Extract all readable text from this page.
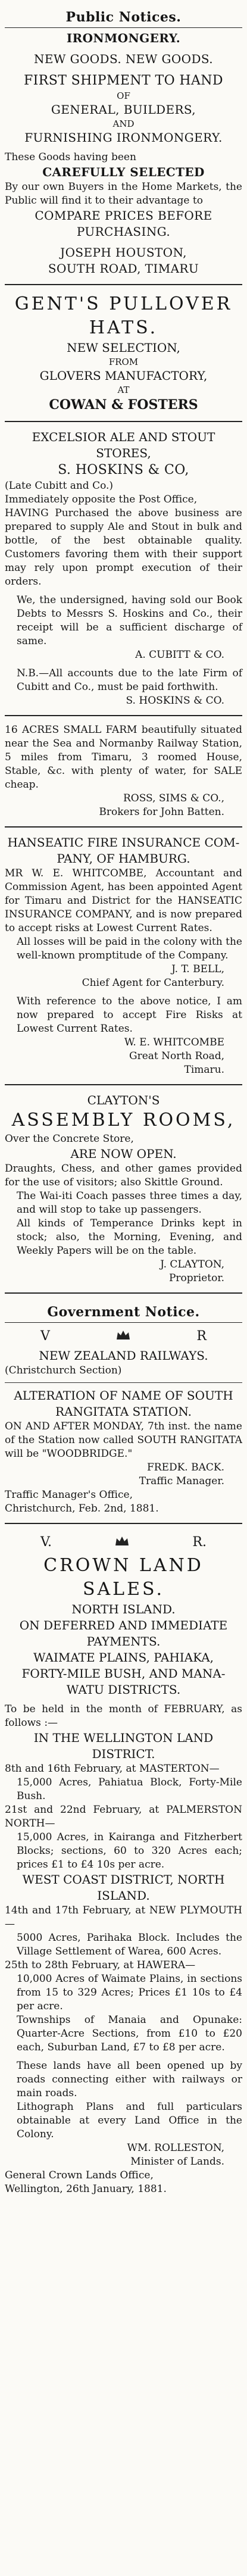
Public Notices.
IRONMONGERY.
NEW GOODS. NEW GOODS.
FIRST SHIPMENT TO HAND
OF
GENERAL, BUILDERS,
AND
FURNISHING IRONMONGERY.
These Goods having been
CAREFULLY SELECTED
By our own Buyers in the Home Markets, the Public will find it to their advantage to
COMPARE PRICES BEFORE PURCHASING.
JOSEPH HOUSTON,
SOUTH ROAD, TIMARU
GENT'S PULLOVER HATS.
NEW SELECTION,
FROM
GLOVERS MANUFACTORY,
AT
COWAN & FOSTERS
EXCELSIOR ALE AND STOUT
STORES,
S. HOSKINS & CO,
(Late Cubitt and Co.)
Immediately opposite the Post Office,
HAVING Purchased the above business are prepared to supply Ale and Stout in bulk and bottle, of the best obtainable quality. Customers favoring them with their support may rely upon prompt execution of their orders.
We, the undersigned, having sold our Book Debts to Messrs S. Hoskins and Co., their receipt will be a sufficient discharge of same.
A. CUBITT & CO.
N.B.—All accounts due to the late Firm of Cubitt and Co., must be paid forthwith.
S. HOSKINS & CO.
16 ACRES SMALL FARM beautifully situated near the Sea and Normanby Railway Station, 5 miles from Timaru, 3 roomed House, Stable, &c. with plenty of water, for SALE cheap.
ROSS, SIMS & CO.,
Brokers for John Batten.
HANSEATIC FIRE INSURANCE COM-
PANY, OF HAMBURG.
MR W. E. WHITCOMBE, Accountant and Commission Agent, has been appointed Agent for Timaru and District for the HANSEATIC INSURANCE COMPANY, and is now prepared to accept risks at Lowest Current Rates.
All losses will be paid in the colony with the well-known promptitude of the Company.
J. T. BELL,
Chief Agent for Canterbury.
With reference to the above notice, I am now prepared to accept Fire Risks at Lowest Current Rates.
W. E. WHITCOMBE
Great North Road,
Timaru.
CLAYTON'S
ASSEMBLY ROOMS,
Over the Concrete Store,
ARE NOW OPEN.
Draughts, Chess, and other games provided for the use of visitors; also Skittle Ground.
The Wai-iti Coach passes three times a day, and will stop to take up passengers.
All kinds of Temperance Drinks kept in stock; also, the Morning, Evening, and Weekly Papers will be on the table.
J. CLAYTON,
Proprietor.
Government Notice.
V	R
NEW ZEALAND RAILWAYS.
(Christchurch Section)
ALTERATION OF NAME OF SOUTH
RANGITATA STATION.
ON AND AFTER MONDAY, 7th inst. the name of the Station now called SOUTH RANGITATA will be "WOODBRIDGE."
FREDK. BACK.
Traffic Manager.
Traffic Manager's Office,
Christchurch, Feb. 2nd, 1881.
V.	R.
CROWN LAND SALES.
NORTH ISLAND.
ON DEFERRED AND IMMEDIATE
PAYMENTS.
WAIMATE PLAINS, PAHIAKA,
FORTY-MILE BUSH, AND MANA-
WATU DISTRICTS.
To be held in the month of FEBRUARY, as follows :—
IN THE WELLINGTON LAND
DISTRICT.
8th and 16th February, at MASTERTON—
15,000 Acres, Pahiatua Block, Forty-Mile Bush.
21st and 22nd February, at PALMERSTON NORTH—
15,000 Acres, in Kairanga and Fitzherbert Blocks; sections, 60 to 320 Acres each; prices £1 to £4 10s per acre.
WEST COAST DISTRICT, NORTH
ISLAND.
14th and 17th February, at NEW PLYMOUTH—
5000 Acres, Parihaka Block. Includes the Village Settlement of Warea, 600 Acres.
25th to 28th February, at HAWERA—
10,000 Acres of Waimate Plains, in sections from 15 to 329 Acres; Prices £1 10s to £4 per acre.
Townships of Manaia and Opunake: Quarter-Acre Sections, from £10 to £20 each, Suburban Land, £7 to £8 per acre.
These lands have all been opened up by roads connecting either with railways or main roads.
Lithograph Plans and full particulars obtainable at every Land Office in the Colony.
WM. ROLLESTON,
Minister of Lands.
General Crown Lands Office,
Wellington, 26th January, 1881.
